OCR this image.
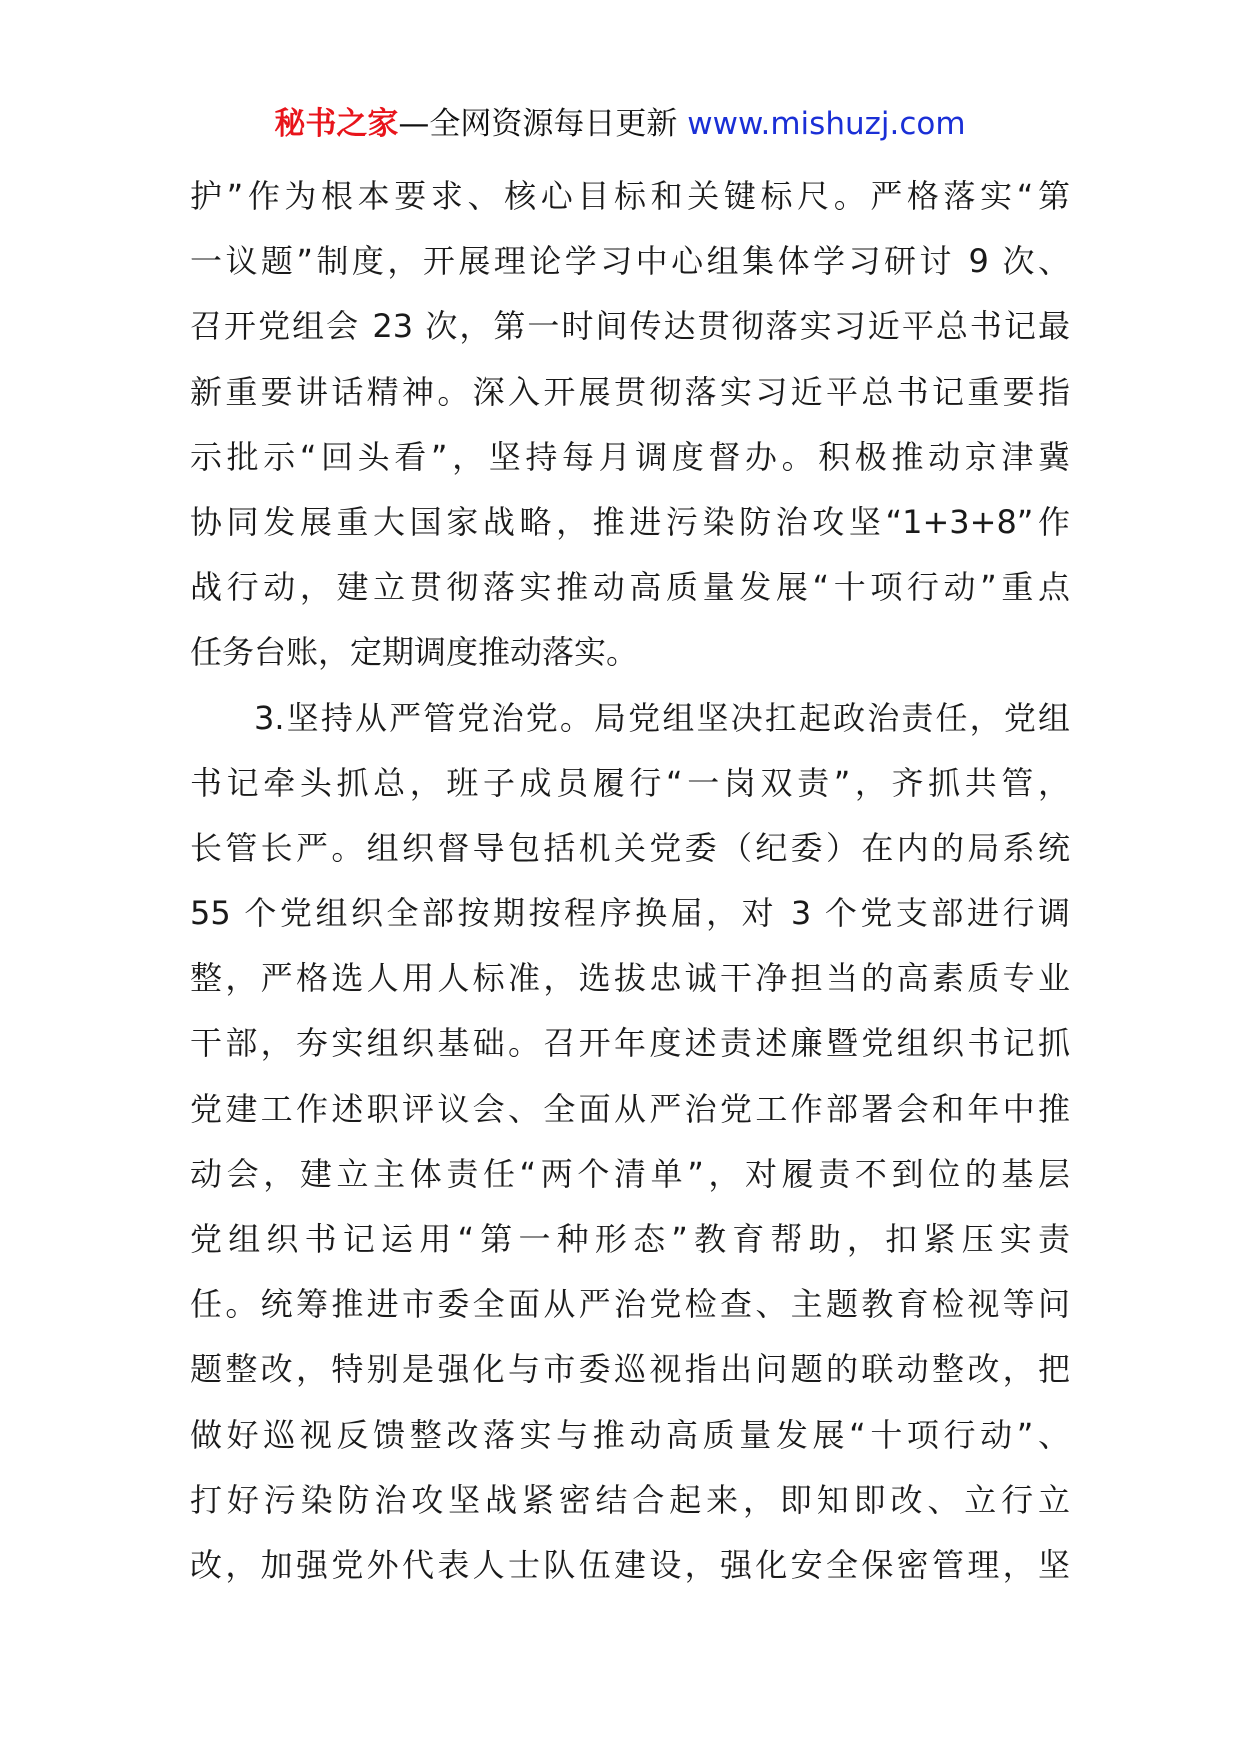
秘书之家—全网资源每日更新 www.mishuzj.com
护”作为根本要求、核心目标和关键标尺。严格落实“第
一议题”制度，开展理论学习中心组集体学习研讨 9 次、
召开党组会 23 次，第一时间传达贯彻落实习近平总书记最
新重要讲话精神。深入开展贯彻落实习近平总书记重要指
示批示“回头看”，坚持每月调度督办。积极推动京津冀
协同发展重大国家战略，推进污染防治攻坚“1+3+8”作
战行动，建立贯彻落实推动高质量发展“十项行动”重点
任务台账，定期调度推动落实。
3.坚持从严管党治党。局党组坚决扛起政治责任，党组
书记牵头抓总，班子成员履行“一岗双责”，齐抓共管，
长管长严。组织督导包括机关党委（纪委）在内的局系统
55 个党组织全部按期按程序换届，对 3 个党支部进行调
整，严格选人用人标准，选拔忠诚干净担当的高素质专业
干部，夯实组织基础。召开年度述责述廉暨党组织书记抓
党建工作述职评议会、全面从严治党工作部署会和年中推
动会，建立主体责任“两个清单”，对履责不到位的基层
党组织书记运用“第一种形态”教育帮助，扣紧压实责
任。统筹推进市委全面从严治党检查、主题教育检视等问
题整改，特别是强化与市委巡视指出问题的联动整改，把
做好巡视反馈整改落实与推动高质量发展“十项行动”、
打好污染防治攻坚战紧密结合起来，即知即改、立行立
改，加强党外代表人士队伍建设，强化安全保密管理，坚
